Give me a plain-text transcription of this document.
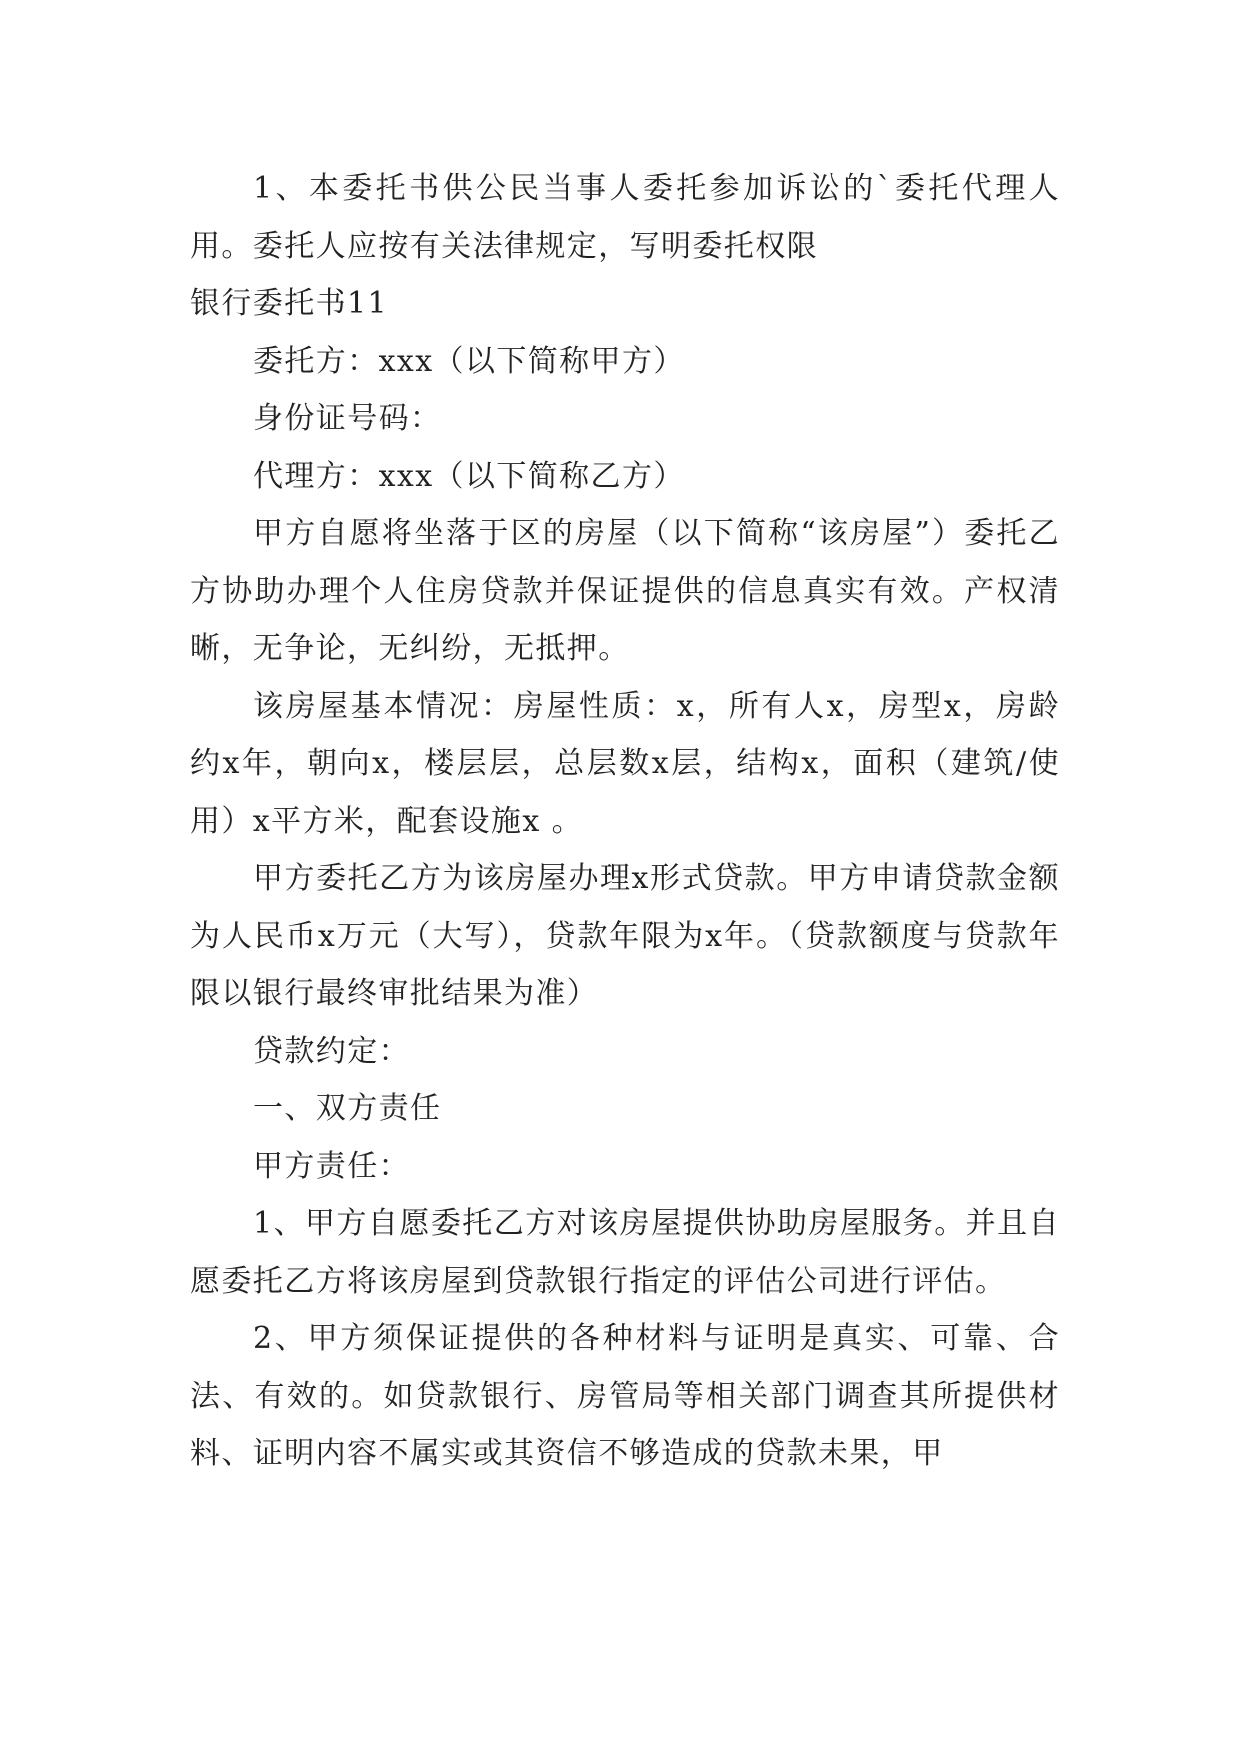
1、本委托书供公民当事人委托参加诉讼的`委托代理人用。委托人应按有关法律规定，写明委托权限

银行委托书11

委托方：xxx（以下简称甲方）

身份证号码：

代理方：xxx（以下简称乙方）

甲方自愿将坐落于区的房屋（以下简称“该房屋”）委托乙方协助办理个人住房贷款并保证提供的信息真实有效。产权清晰，无争论，无纠纷，无抵押。

该房屋基本情况：房屋性质：x，所有人x，房型x，房龄约x年，朝向x，楼层层，总层数x层，结构x，面积（建筑/使用）x平方米，配套设施x 。

甲方委托乙方为该房屋办理x形式贷款。甲方申请贷款金额为人民币x万元（大写），贷款年限为x年。（贷款额度与贷款年限以银行最终审批结果为准）

贷款约定：

一、双方责任

甲方责任：

1、甲方自愿委托乙方对该房屋提供协助房屋服务。并且自愿委托乙方将该房屋到贷款银行指定的评估公司进行评估。

2、甲方须保证提供的各种材料与证明是真实、可靠、合法、有效的。如贷款银行、房管局等相关部门调查其所提供材料、证明内容不属实或其资信不够造成的贷款未果，甲
